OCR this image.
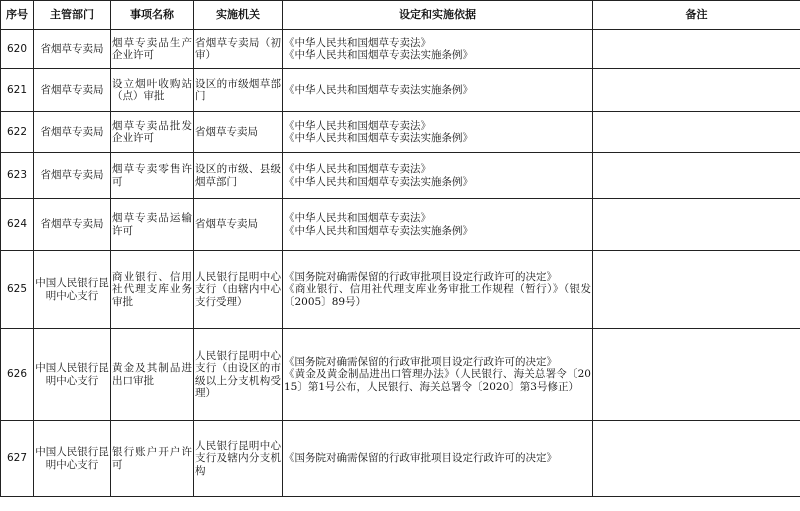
序号	主管部门	事项名称	实施机关	设定和实施依据	备注
620	省烟草专卖局	烟草专卖品生产企业许可	省烟草专卖局（初审）	《中华人民共和国烟草专卖法》
《中华人民共和国烟草专卖法实施条例》	

621	省烟草专卖局	设立烟叶收购站（点）审批	设区的市级烟草部门	《中华人民共和国烟草专卖法实施条例》	

622	省烟草专卖局	烟草专卖品批发企业许可	省烟草专卖局	《中华人民共和国烟草专卖法》
《中华人民共和国烟草专卖法实施条例》	

623	省烟草专卖局	烟草专卖零售许可	设区的市级、县级烟草部门	《中华人民共和国烟草专卖法》
《中华人民共和国烟草专卖法实施条例》	

624	省烟草专卖局	烟草专卖品运输许可	省烟草专卖局	《中华人民共和国烟草专卖法》
《中华人民共和国烟草专卖法实施条例》	

625	中国人民银行昆明中心支行	商业银行、信用社代理支库业务审批	人民银行昆明中心支行（由辖内中心支行受理）	《国务院对确需保留的行政审批项目设定行政许可的决定》
《商业银行、信用社代理支库业务审批工作规程（暂行）》（银发〔2005〕89号）	

626	中国人民银行昆明中心支行	黄金及其制品进出口审批	人民银行昆明中心支行（由设区的市级以上分支机构受理）	《国务院对确需保留的行政审批项目设定行政许可的决定》
《黄金及黄金制品进出口管理办法》（人民银行、海关总署令〔2015〕第1号公布，人民银行、海关总署令〔2020〕第3号修正）	

627	中国人民银行昆明中心支行	银行账户开户许可	人民银行昆明中心支行及辖内分支机构	《国务院对确需保留的行政审批项目设定行政许可的决定》	
